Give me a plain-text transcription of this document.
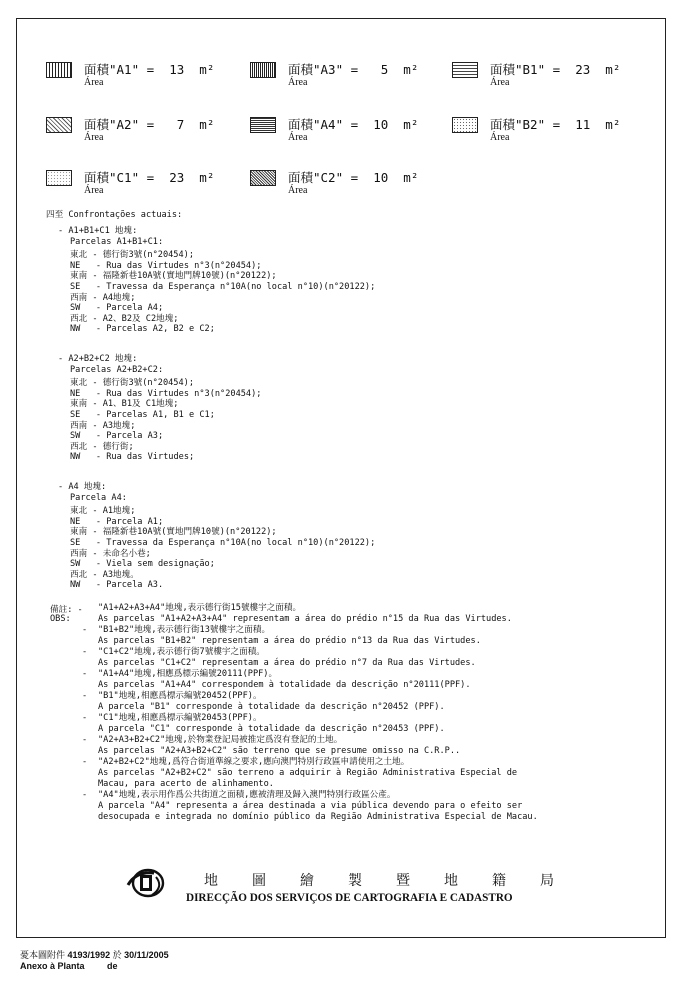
面積"A1" =  13  m²
Área
面積"A3" =   5  m²
Área
面積"B1" =  23  m²
Área
面積"A2" =   7  m²
Área
面積"A4" =  10  m²
Área
面積"B2" =  11  m²
Área
面積"C1" =  23  m²
Área
面積"C2" =  10  m²
Área
四至 Confrontações actuais:
- A1+B1+C1 地塊:
Parcelas A1+B1+C1:
東北 - 德行街3號(n°20454);
NE   - Rua das Virtudes n°3(n°20454);
東南 - 福隆新巷10A號(實地門牌10號)(n°20122);
SE   - Travessa da Esperança n°10A(no local n°10)(n°20122);
西南 - A4地塊;
SW   - Parcela A4;
西北 - A2、B2及 C2地塊;
NW   - Parcelas A2, B2 e C2;
- A2+B2+C2 地塊:
Parcelas A2+B2+C2:
東北 - 德行街3號(n°20454);
NE   - Rua das Virtudes n°3(n°20454);
東南 - A1、B1及 C1地塊;
SE   - Parcelas A1, B1 e C1;
西南 - A3地塊;
SW   - Parcela A3;
西北 - 德行街;
NW   - Rua das Virtudes;
- A4 地塊:
Parcela A4:
東北 - A1地塊;
NE   - Parcela A1;
東南 - 福隆新巷10A號(實地門牌10號)(n°20122);
SE   - Travessa da Esperança n°10A(no local n°10)(n°20122);
西南 - 未命名小巷;
SW   - Viela sem designação;
西北 - A3地塊。
NW   - Parcela A3.
備註: -
OBS:
"A1+A2+A3+A4"地塊,表示德行街15號樓宇之面積。
As parcelas "A1+A2+A3+A4" representam a área do prédio n°15 da Rua das Virtudes.
- "B1+B2"地塊,表示德行街13號樓宇之面積。
As parcelas "B1+B2" representam a área do prédio n°13 da Rua das Virtudes.
- "C1+C2"地塊,表示德行街7號樓宇之面積。
As parcelas "C1+C2" representam a área do prédio n°7 da Rua das Virtudes.
- "A1+A4"地塊,相應爲標示編號20111(PPF)。
As parcelas "A1+A4" correspondem à totalidade da descrição n°20111(PPF).
- "B1"地塊,相應爲標示編號20452(PPF)。
A parcela "B1" corresponde à totalidade da descrição n°20452 (PPF).
- "C1"地塊,相應爲標示編號20453(PPF)。
A parcela "C1" corresponde à totalidade da descrição n°20453 (PPF).
- "A2+A3+B2+C2"地塊,於物業登記局被推定爲沒有登記的土地。
As parcelas "A2+A3+B2+C2" são terreno que se presume omisso na C.R.P..
- "A2+B2+C2"地塊,爲符合街道準線之要求,應向澳門特別行政區申請使用之土地。
As parcelas "A2+B2+C2" são terreno a adquirir à Região Administrativa Especial de
Macau, para acerto de alinhamento.
- "A4"地塊,表示用作爲公共街道之面積,應被清理及歸入澳門特別行政區公產。
A parcela "A4" representa a área destinada a via pública devendo para o efeito ser
desocupada e integrada no domínio público da Região Administrativa Especial de Macau.
地圖繪製暨地籍局
DIRECÇÃO DOS SERVIÇOS DE CARTOGRAFIA E CADASTRO
憂本圖附件 4193/1992 於 30/11/2005
Anexo à Planta	de
